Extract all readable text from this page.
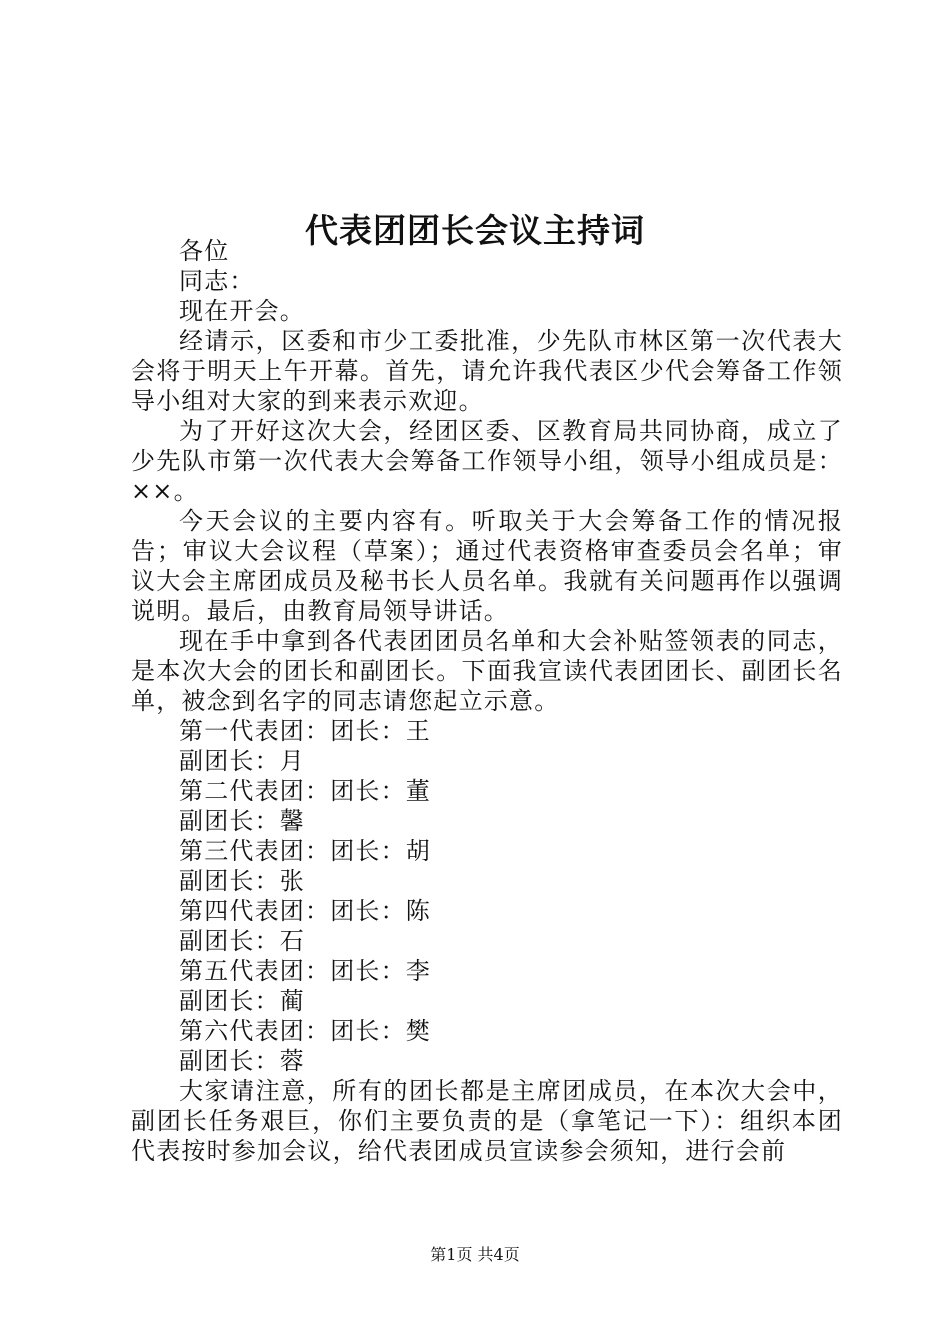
代表团团长会议主持词

各位

同志：

现在开会。

经请示，区委和市少工委批准，少先队市林区第一次代表大会将于明天上午开幕。首先，请允许我代表区少代会筹备工作领导小组对大家的到来表示欢迎。

为了开好这次大会，经团区委、区教育局共同协商，成立了少先队市第一次代表大会筹备工作领导小组，领导小组成员是：××。

今天会议的主要内容有。听取关于大会筹备工作的情况报告；审议大会议程（草案）；通过代表资格审查委员会名单；审议大会主席团成员及秘书长人员名单。我就有关问题再作以强调说明。最后，由教育局领导讲话。

现在手中拿到各代表团团员名单和大会补贴签领表的同志，是本次大会的团长和副团长。下面我宣读代表团团长、副团长名单，被念到名字的同志请您起立示意。

第一代表团：团长：王

副团长：月

第二代表团：团长：董

副团长：馨

第三代表团：团长：胡

副团长：张

第四代表团：团长：陈

副团长：石

第五代表团：团长：李

副团长：蔺

第六代表团：团长：樊

副团长：蓉

大家请注意，所有的团长都是主席团成员，在本次大会中，副团长任务艰巨，你们主要负责的是（拿笔记一下）：组织本团代表按时参加会议，给代表团成员宣读参会须知，进行会前

第1页 共4页
